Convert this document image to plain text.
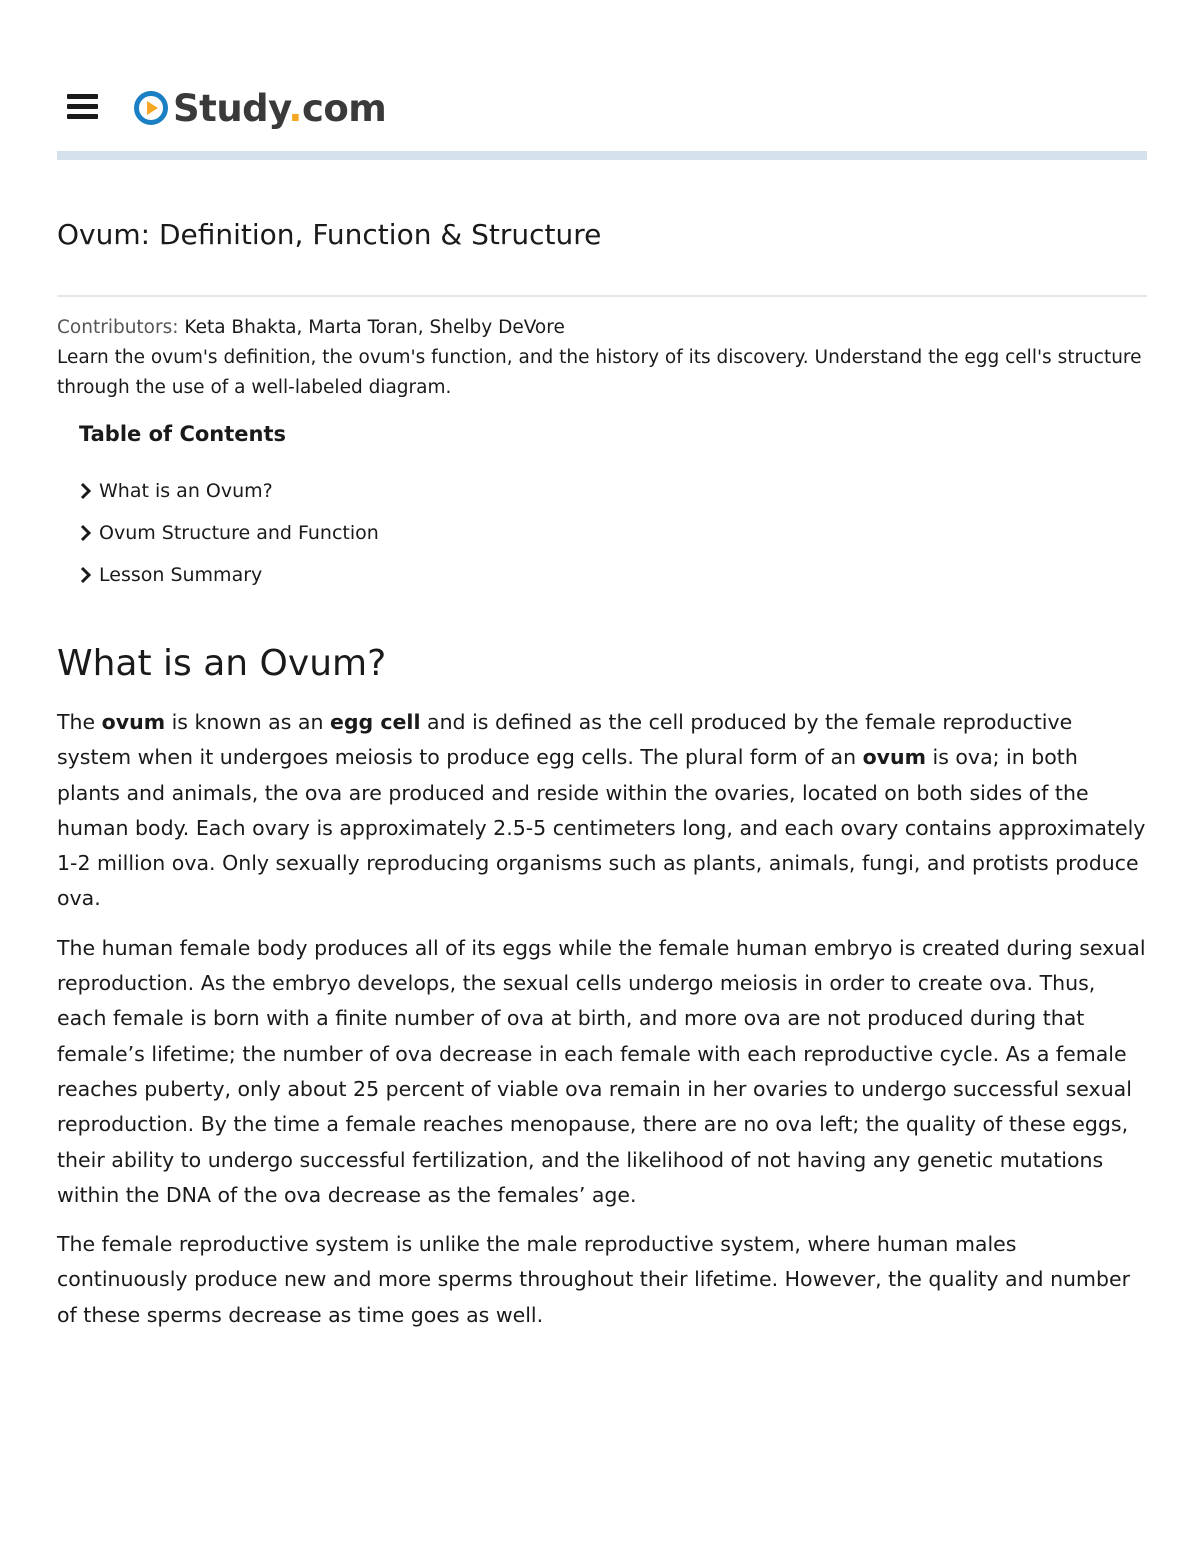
Study.com
Ovum: Definition, Function & Structure
Contributors: Keta Bhakta, Marta Toran, Shelby DeVore
Learn the ovum's definition, the ovum's function, and the history of its discovery. Understand the egg cell's structure through the use of a well-labeled diagram.
Table of Contents
What is an Ovum?
Ovum Structure and Function
Lesson Summary
What is an Ovum?

The ovum is known as an egg cell and is defined as the cell produced by the female reproductive system when it undergoes meiosis to produce egg cells. The plural form of an ovum is ova; in both plants and animals, the ova are produced and reside within the ovaries, located on both sides of the human body. Each ovary is approximately 2.5-5 centimeters long, and each ovary contains approximately 1-2 million ova. Only sexually reproducing organisms such as plants, animals, fungi, and protists produce ova.

The human female body produces all of its eggs while the female human embryo is created during sexual reproduction. As the embryo develops, the sexual cells undergo meiosis in order to create ova. Thus, each female is born with a finite number of ova at birth, and more ova are not produced during that female’s lifetime; the number of ova decrease in each female with each reproductive cycle. As a female reaches puberty, only about 25 percent of viable ova remain in her ovaries to undergo successful sexual reproduction. By the time a female reaches menopause, there are no ova left; the quality of these eggs, their ability to undergo successful fertilization, and the likelihood of not having any genetic mutations within the DNA of the ova decrease as the females’ age.

The female reproductive system is unlike the male reproductive system, where human males continuously produce new and more sperms throughout their lifetime. However, the quality and number of these sperms decrease as time goes as well.
